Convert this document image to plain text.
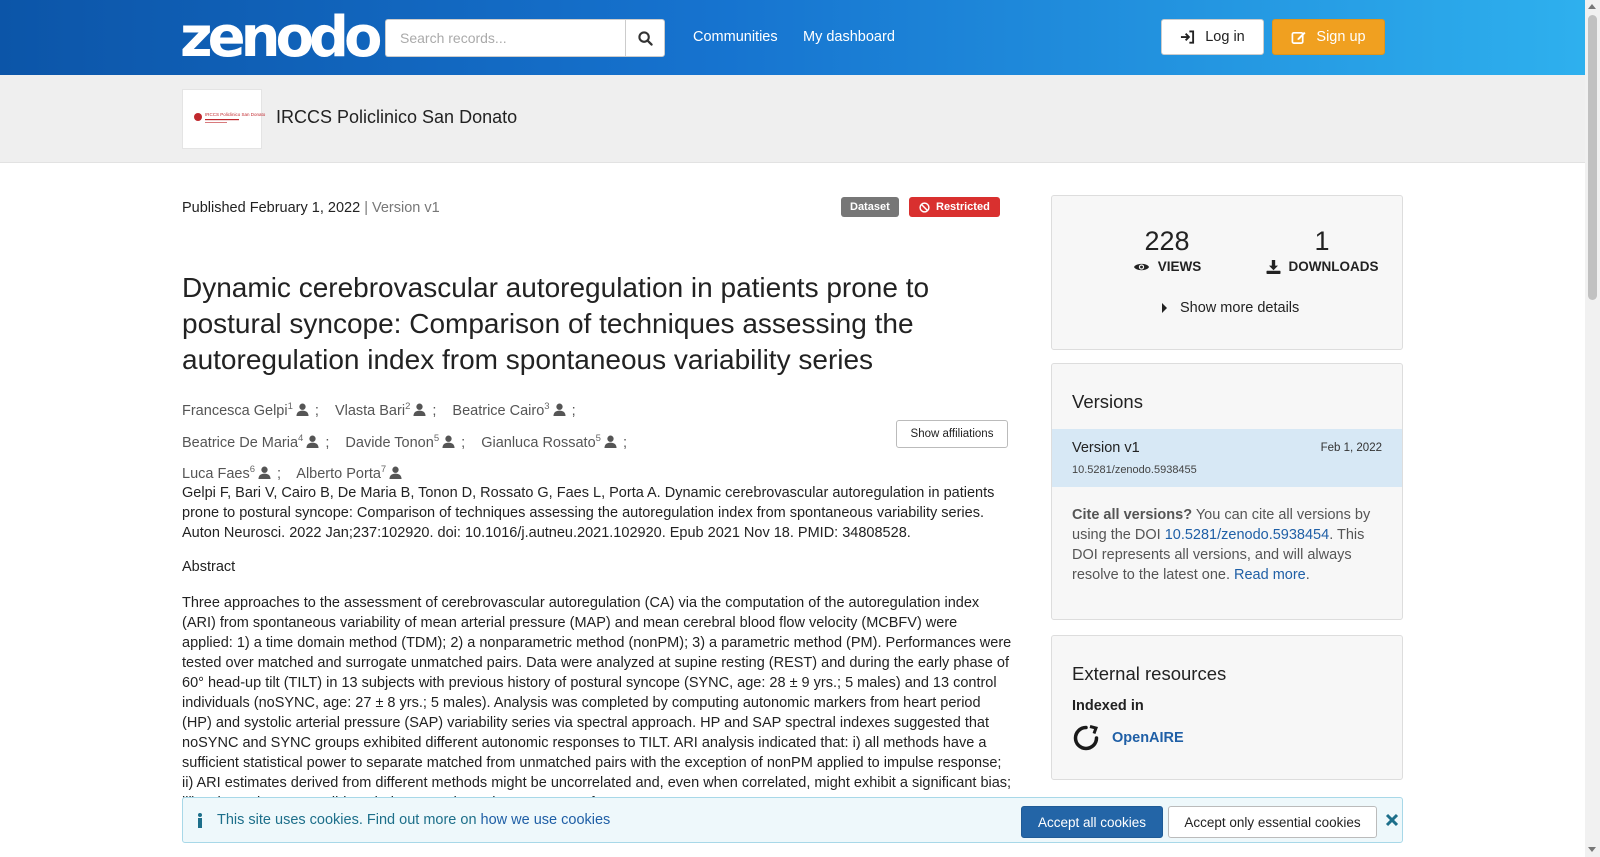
zenodo
Search records...	Communities My dashboard	Log in	Sign up
IRCCS Policlinico San Donato IRCCS Policlinico San Donato
Published February 1, 2022 | Version v1	Dataset	Restricted
Dynamic cerebrovascular autoregulation in patients prone to postural syncope: Comparison of techniques assessing the autoregulation index from spontaneous variability series
Francesca Gelpi$^1$ ; Vlasta Bari$^2$ ; Beatrice Cairo$^3$ ; Beatrice De Maria$^4$ ; Davide Tonon$^5$ ; Gianluca Rossato$^5$ ; Luca Faes$^6$ ; Alberto Porta$^7$
Show affiliations

Gelpi F, Bari V, Cairo B, De Maria B, Tonon D, Rossato G, Faes L, Porta A. Dynamic cerebrovascular autoregulation in patients prone to postural syncope: Comparison of techniques assessing the autoregulation index from spontaneous variability series. Auton Neurosci. 2022 Jan;237:102920. doi: 10.1016/j.autneu.2021.102920. Epub 2021 Nov 18. PMID: 34808528.

Abstract

Three approaches to the assessment of cerebrovascular autoregulation (CA) via the computation of the autoregulation index (ARI) from spontaneous variability of mean arterial pressure (MAP) and mean cerebral blood flow velocity (MCBFV) were applied: 1) a time domain method (TDM); 2) a nonparametric method (nonPM); 3) a parametric method (PM). Performances were tested over matched and surrogate unmatched pairs. Data were analyzed at supine resting (REST) and during the early phase of 60° head-up tilt (TILT) in 13 subjects with previous history of postural syncope (SYNC, age: 28 ± 9 yrs.; 5 males) and 13 control individuals (noSYNC, age: 27 ± 8 yrs.; 5 males). Analysis was completed by computing autonomic markers from heart period (HP) and systolic arterial pressure (SAP) variability series via spectral approach. HP and SAP spectral indexes suggested that noSYNC and SYNC groups exhibited different autonomic responses to TILT. ARI analysis indicated that: i) all methods have a sufficient statistical power to separate matched from unmatched pairs with the exception of nonPM applied to impulse response; ii) ARI estimates derived from different methods might be uncorrelated and, even when correlated, might exhibit a significant bias;

228
VIEWS
1
DOWNLOADS
Show more details
Versions
Version v1	Feb 1, 2022
10.5281/zenodo.5938455

Cite all versions? You can cite all versions by using the DOI 10.5281/zenodo.5938454. This DOI represents all versions, and will always resolve to the latest one. Read more.

External resources
Indexed in
OpenAIRE
This site uses cookies. Find out more on how we use cookies	Accept all cookies	Accept only essential cookies
